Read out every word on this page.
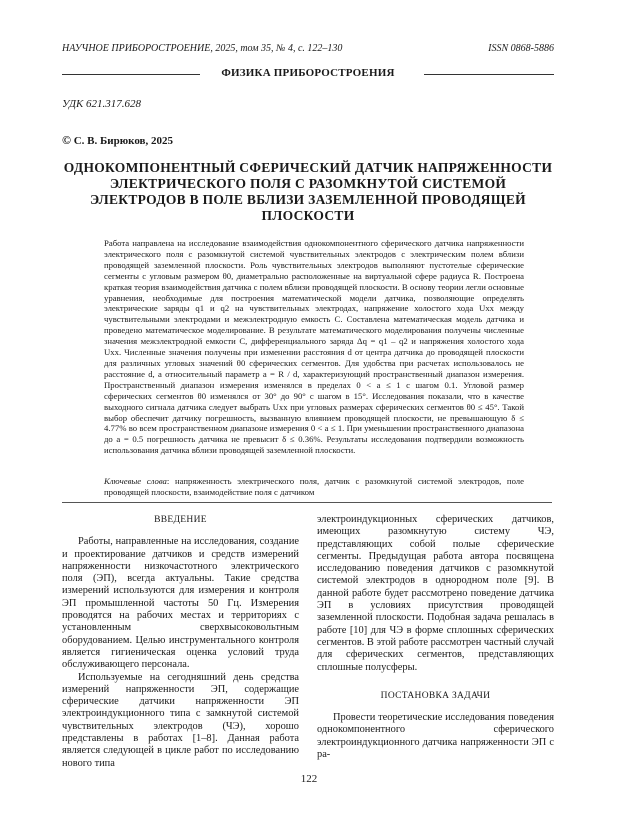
НАУЧНОЕ ПРИБОРОСТРОЕНИЕ, 2025, том 35, № 4, с. 122–130	ISSN 0868-5886
ФИЗИКА ПРИБОРОСТРОЕНИЯ
УДК 621.317.628
© С. В. Бирюков, 2025
ОДНОКОМПОНЕНТНЫЙ СФЕРИЧЕСКИЙ ДАТЧИК НАПРЯЖЕННОСТИ ЭЛЕКТРИЧЕСКОГО ПОЛЯ С РАЗОМКНУТОЙ СИСТЕМОЙ ЭЛЕКТРОДОВ В ПОЛЕ ВБЛИЗИ ЗАЗЕМЛЕННОЙ ПРОВОДЯЩЕЙ ПЛОСКОСТИ

Работа направлена на исследование взаимодействия однокомпонентного сферического датчика напряженности электрического поля с разомкнутой системой чувствительных электродов с электрическим полем вблизи проводящей заземленной плоскости. Роль чувствительных электродов выполняют пустотелые сферические сегменты с угловым размером θ0, диаметрально расположенные на виртуальной сфере радиуса R. Построена краткая теория взаимодействия датчика с полем вблизи проводящей плоскости. В основу теории легли основные уравнения, необходимые для построения математической модели датчика, позволяющие определять электрические заряды q1 и q2 на чувствительных электродах, напряжение холостого хода Uxx между чувствительными электродами и межэлектродную емкость C. Составлена математическая модель датчика и проведено математическое моделирование. В результате математического моделирования получены численные значения межэлектродной емкости C, дифференциального заряда Δq = q1 – q2 и напряжения холостого хода Uxx. Численные значения получены при изменении расстояния d от центра датчика до проводящей плоскости для различных угловых значений θ0 сферических сегментов. Для удобства при расчетах использовалось не расстояние d, а относительный параметр a = R / d, характеризующий пространственный диапазон измерения. Пространственный диапазон измерения изменялся в пределах 0 < a ≤ 1 с шагом 0.1. Угловой размер сферических сегментов θ0 изменялся от 30° до 90° с шагом в 15°. Исследования показали, что в качестве выходного сигнала датчика следует выбрать Uxx при угловых размерах сферических сегментов θ0 ≤ 45°. Такой выбор обеспечит датчику погрешность, вызванную влиянием проводящей плоскости, не превышающую δ ≤ 4.77% во всем пространственном диапазоне измерения 0 < a ≤ 1. При уменьшении пространственного диапазона до a = 0.5 погрешность датчика не превысит δ ≤ 0.36%. Результаты исследования подтвердили возможность использования датчика вблизи проводящей заземленной плоскости.

Ключевые слова: напряженность электрического поля, датчик с разомкнутой системой электродов, поле проводящей плоскости, взаимодействие поля с датчиком

ВВЕДЕНИЕ

Работы, направленные на исследования, создание и проектирование датчиков и средств измерений напряженности низкочастотного электрического поля (ЭП), всегда актуальны. Такие средства измерений используются для измерения и контроля ЭП промышленной частоты 50 Гц. Измерения проводятся на рабочих местах и территориях с установленным сверхвысоковольтным оборудованием. Целью инструментального контроля является гигиеническая оценка условий труда обслуживающего персонала.

Используемые на сегодняшний день средства измерений напряженности ЭП, содержащие сферические датчики напряженности ЭП электроиндукционного типа с замкнутой системой чувствительных электродов (ЧЭ), хорошо представлены в работах [1–8]. Данная работа является следующей в цикле работ по исследованию нового типа

электроиндукционных сферических датчиков, имеющих разомкнутую систему ЧЭ, представляющих собой полые сферические сегменты. Предыдущая работа автора посвящена исследованию поведения датчиков с разомкнутой системой электродов в однородном поле [9]. В данной работе будет рассмотрено поведение датчика ЭП в условиях присутствия проводящей заземленной плоскости. Подобная задача решалась в работе [10] для ЧЭ в форме сплошных сферических сегментов. В этой работе рассмотрен частный случай для сферических сегментов, представляющих сплошные полусферы.

ПОСТАНОВКА ЗАДАЧИ

Провести теоретические исследования поведения однокомпонентного сферического электроиндукционного датчика напряженности ЭП с ра-

122
